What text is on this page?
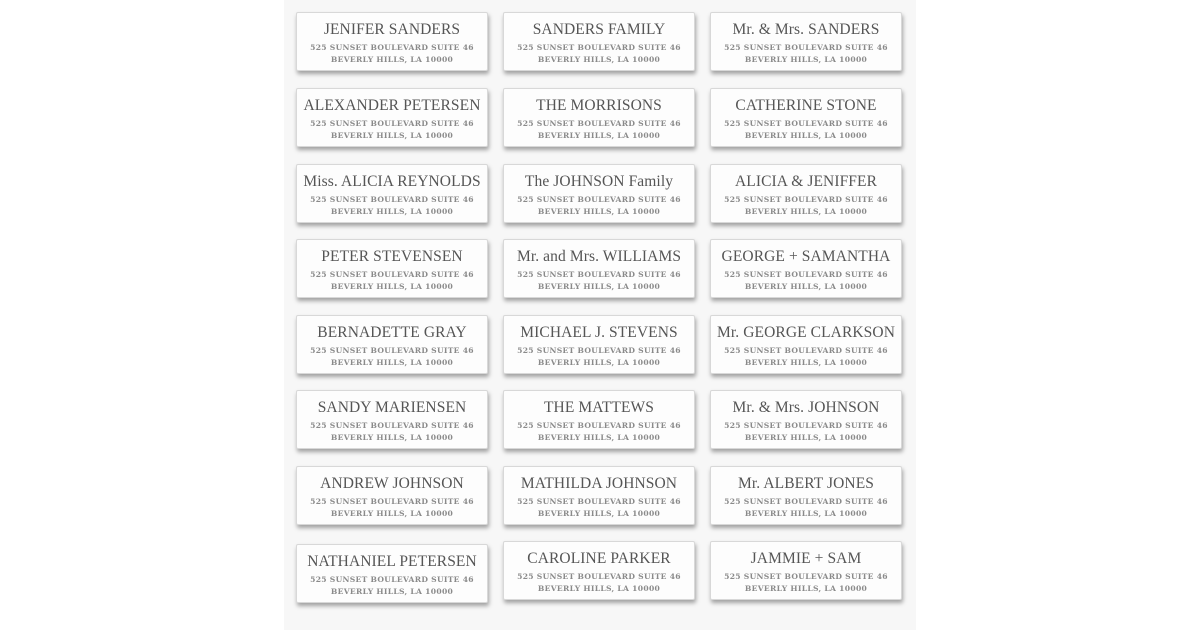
JENIFER SANDERS
525 SUNSET BOULEVARD SUITE 46
BEVERLY HILLS, LA 10000
SANDERS FAMILY
525 SUNSET BOULEVARD SUITE 46
BEVERLY HILLS, LA 10000
Mr. & Mrs. SANDERS
525 SUNSET BOULEVARD SUITE 46
BEVERLY HILLS, LA 10000
ALEXANDER PETERSEN
525 SUNSET BOULEVARD SUITE 46
BEVERLY HILLS, LA 10000
THE MORRISONS
525 SUNSET BOULEVARD SUITE 46
BEVERLY HILLS, LA 10000
CATHERINE STONE
525 SUNSET BOULEVARD SUITE 46
BEVERLY HILLS, LA 10000
Miss. ALICIA REYNOLDS
525 SUNSET BOULEVARD SUITE 46
BEVERLY HILLS, LA 10000
The JOHNSON Family
525 SUNSET BOULEVARD SUITE 46
BEVERLY HILLS, LA 10000
ALICIA & JENIFFER
525 SUNSET BOULEVARD SUITE 46
BEVERLY HILLS, LA 10000
PETER STEVENSEN
525 SUNSET BOULEVARD SUITE 46
BEVERLY HILLS, LA 10000
Mr. and Mrs. WILLIAMS
525 SUNSET BOULEVARD SUITE 46
BEVERLY HILLS, LA 10000
GEORGE + SAMANTHA
525 SUNSET BOULEVARD SUITE 46
BEVERLY HILLS, LA 10000
BERNADETTE GRAY
525 SUNSET BOULEVARD SUITE 46
BEVERLY HILLS, LA 10000
MICHAEL J. STEVENS
525 SUNSET BOULEVARD SUITE 46
BEVERLY HILLS, LA 10000
Mr. GEORGE CLARKSON
525 SUNSET BOULEVARD SUITE 46
BEVERLY HILLS, LA 10000
SANDY MARIENSEN
525 SUNSET BOULEVARD SUITE 46
BEVERLY HILLS, LA 10000
THE MATTEWS
525 SUNSET BOULEVARD SUITE 46
BEVERLY HILLS, LA 10000
Mr. & Mrs. JOHNSON
525 SUNSET BOULEVARD SUITE 46
BEVERLY HILLS, LA 10000
ANDREW JOHNSON
525 SUNSET BOULEVARD SUITE 46
BEVERLY HILLS, LA 10000
MATHILDA JOHNSON
525 SUNSET BOULEVARD SUITE 46
BEVERLY HILLS, LA 10000
Mr. ALBERT JONES
525 SUNSET BOULEVARD SUITE 46
BEVERLY HILLS, LA 10000
NATHANIEL PETERSEN
525 SUNSET BOULEVARD SUITE 46
BEVERLY HILLS, LA 10000
CAROLINE PARKER
525 SUNSET BOULEVARD SUITE 46
BEVERLY HILLS, LA 10000
JAMMIE + SAM
525 SUNSET BOULEVARD SUITE 46
BEVERLY HILLS, LA 10000
